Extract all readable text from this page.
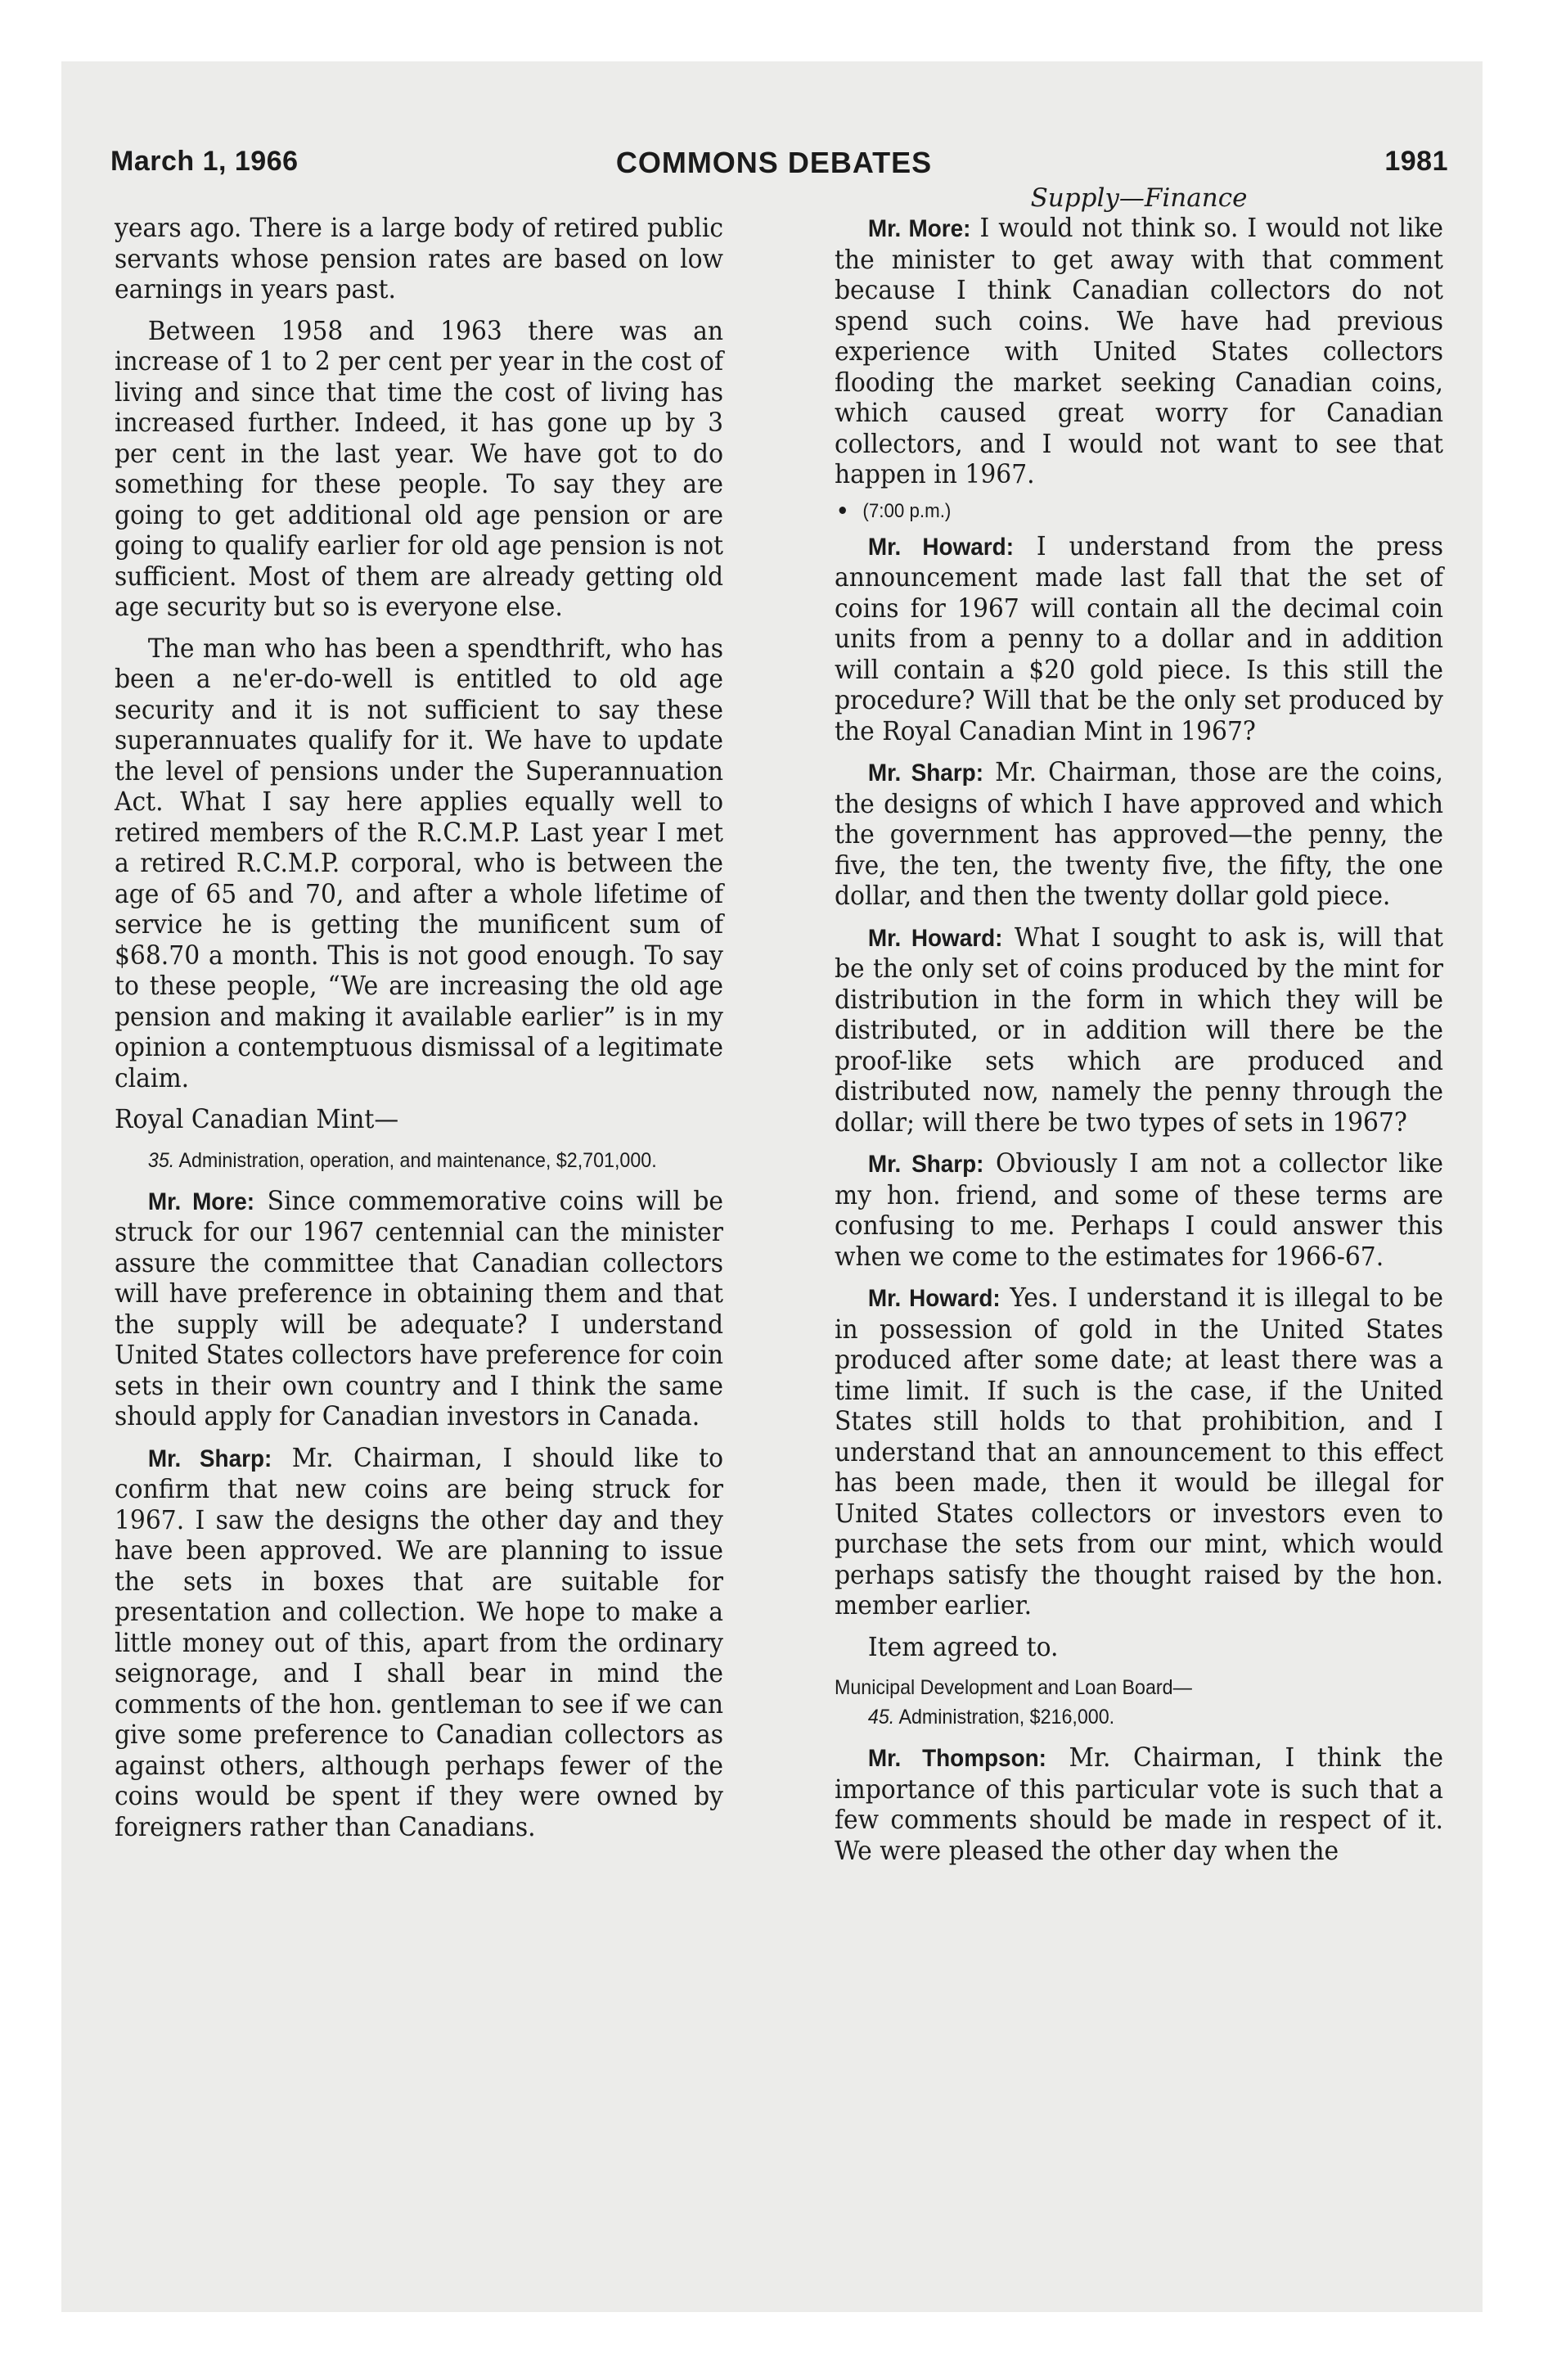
March 1, 1966	COMMONS DEBATES	1981
Supply—Finance

years ago. There is a large body of retired public servants whose pension rates are based on low earnings in years past.

Between 1958 and 1963 there was an increase of 1 to 2 per cent per year in the cost of living and since that time the cost of living has increased further. Indeed, it has gone up by 3 per cent in the last year. We have got to do something for these people. To say they are going to get additional old age pension or are going to qualify earlier for old age pension is not sufficient. Most of them are already getting old age security but so is everyone else.

The man who has been a spendthrift, who has been a ne'er-do-well is entitled to old age security and it is not sufficient to say these superannuates qualify for it. We have to update the level of pensions under the Superannuation Act. What I say here applies equally well to retired members of the R.C.M.P. Last year I met a retired R.C.M.P. corporal, who is between the age of 65 and 70, and after a whole lifetime of service he is getting the munificent sum of $68.70 a month. This is not good enough. To say to these people, “We are increasing the old age pension and making it available earlier” is in my opinion a contemptuous dismissal of a legitimate claim.

Royal Canadian Mint—

35. Administration, operation, and maintenance, $2,701,000.

Mr. More: Since commemorative coins will be struck for our 1967 centennial can the minister assure the committee that Canadian collectors will have preference in obtaining them and that the supply will be adequate? I understand United States collectors have preference for coin sets in their own country and I think the same should apply for Canadian investors in Canada.

Mr. Sharp: Mr. Chairman, I should like to confirm that new coins are being struck for 1967. I saw the designs the other day and they have been approved. We are planning to issue the sets in boxes that are suitable for presentation and collection. We hope to make a little money out of this, apart from the ordinary seignorage, and I shall bear in mind the comments of the hon. gentleman to see if we can give some preference to Canadian collectors as against others, although perhaps fewer of the coins would be spent if they were owned by foreigners rather than Canadians.

Mr. More: I would not think so. I would not like the minister to get away with that comment because I think Canadian collectors do not spend such coins. We have had previous experience with United States collectors flooding the market seeking Canadian coins, which caused great worry for Canadian collectors, and I would not want to see that happen in 1967.

(7:00 p.m.)

Mr. Howard: I understand from the press announcement made last fall that the set of coins for 1967 will contain all the decimal coin units from a penny to a dollar and in addition will contain a $20 gold piece. Is this still the procedure? Will that be the only set produced by the Royal Canadian Mint in 1967?

Mr. Sharp: Mr. Chairman, those are the coins, the designs of which I have approved and which the government has approved—the penny, the five, the ten, the twenty five, the fifty, the one dollar, and then the twenty dollar gold piece.

Mr. Howard: What I sought to ask is, will that be the only set of coins produced by the mint for distribution in the form in which they will be distributed, or in addition will there be the proof-like sets which are produced and distributed now, namely the penny through the dollar; will there be two types of sets in 1967?

Mr. Sharp: Obviously I am not a collector like my hon. friend, and some of these terms are confusing to me. Perhaps I could answer this when we come to the estimates for 1966-67.

Mr. Howard: Yes. I understand it is illegal to be in possession of gold in the United States produced after some date; at least there was a time limit. If such is the case, if the United States still holds to that prohibition, and I understand that an announcement to this effect has been made, then it would be illegal for United States collectors or investors even to purchase the sets from our mint, which would perhaps satisfy the thought raised by the hon. member earlier.

Item agreed to.

Municipal Development and Loan Board—

45. Administration, $216,000.

Mr. Thompson: Mr. Chairman, I think the importance of this particular vote is such that a few comments should be made in respect of it. We were pleased the other day when the
